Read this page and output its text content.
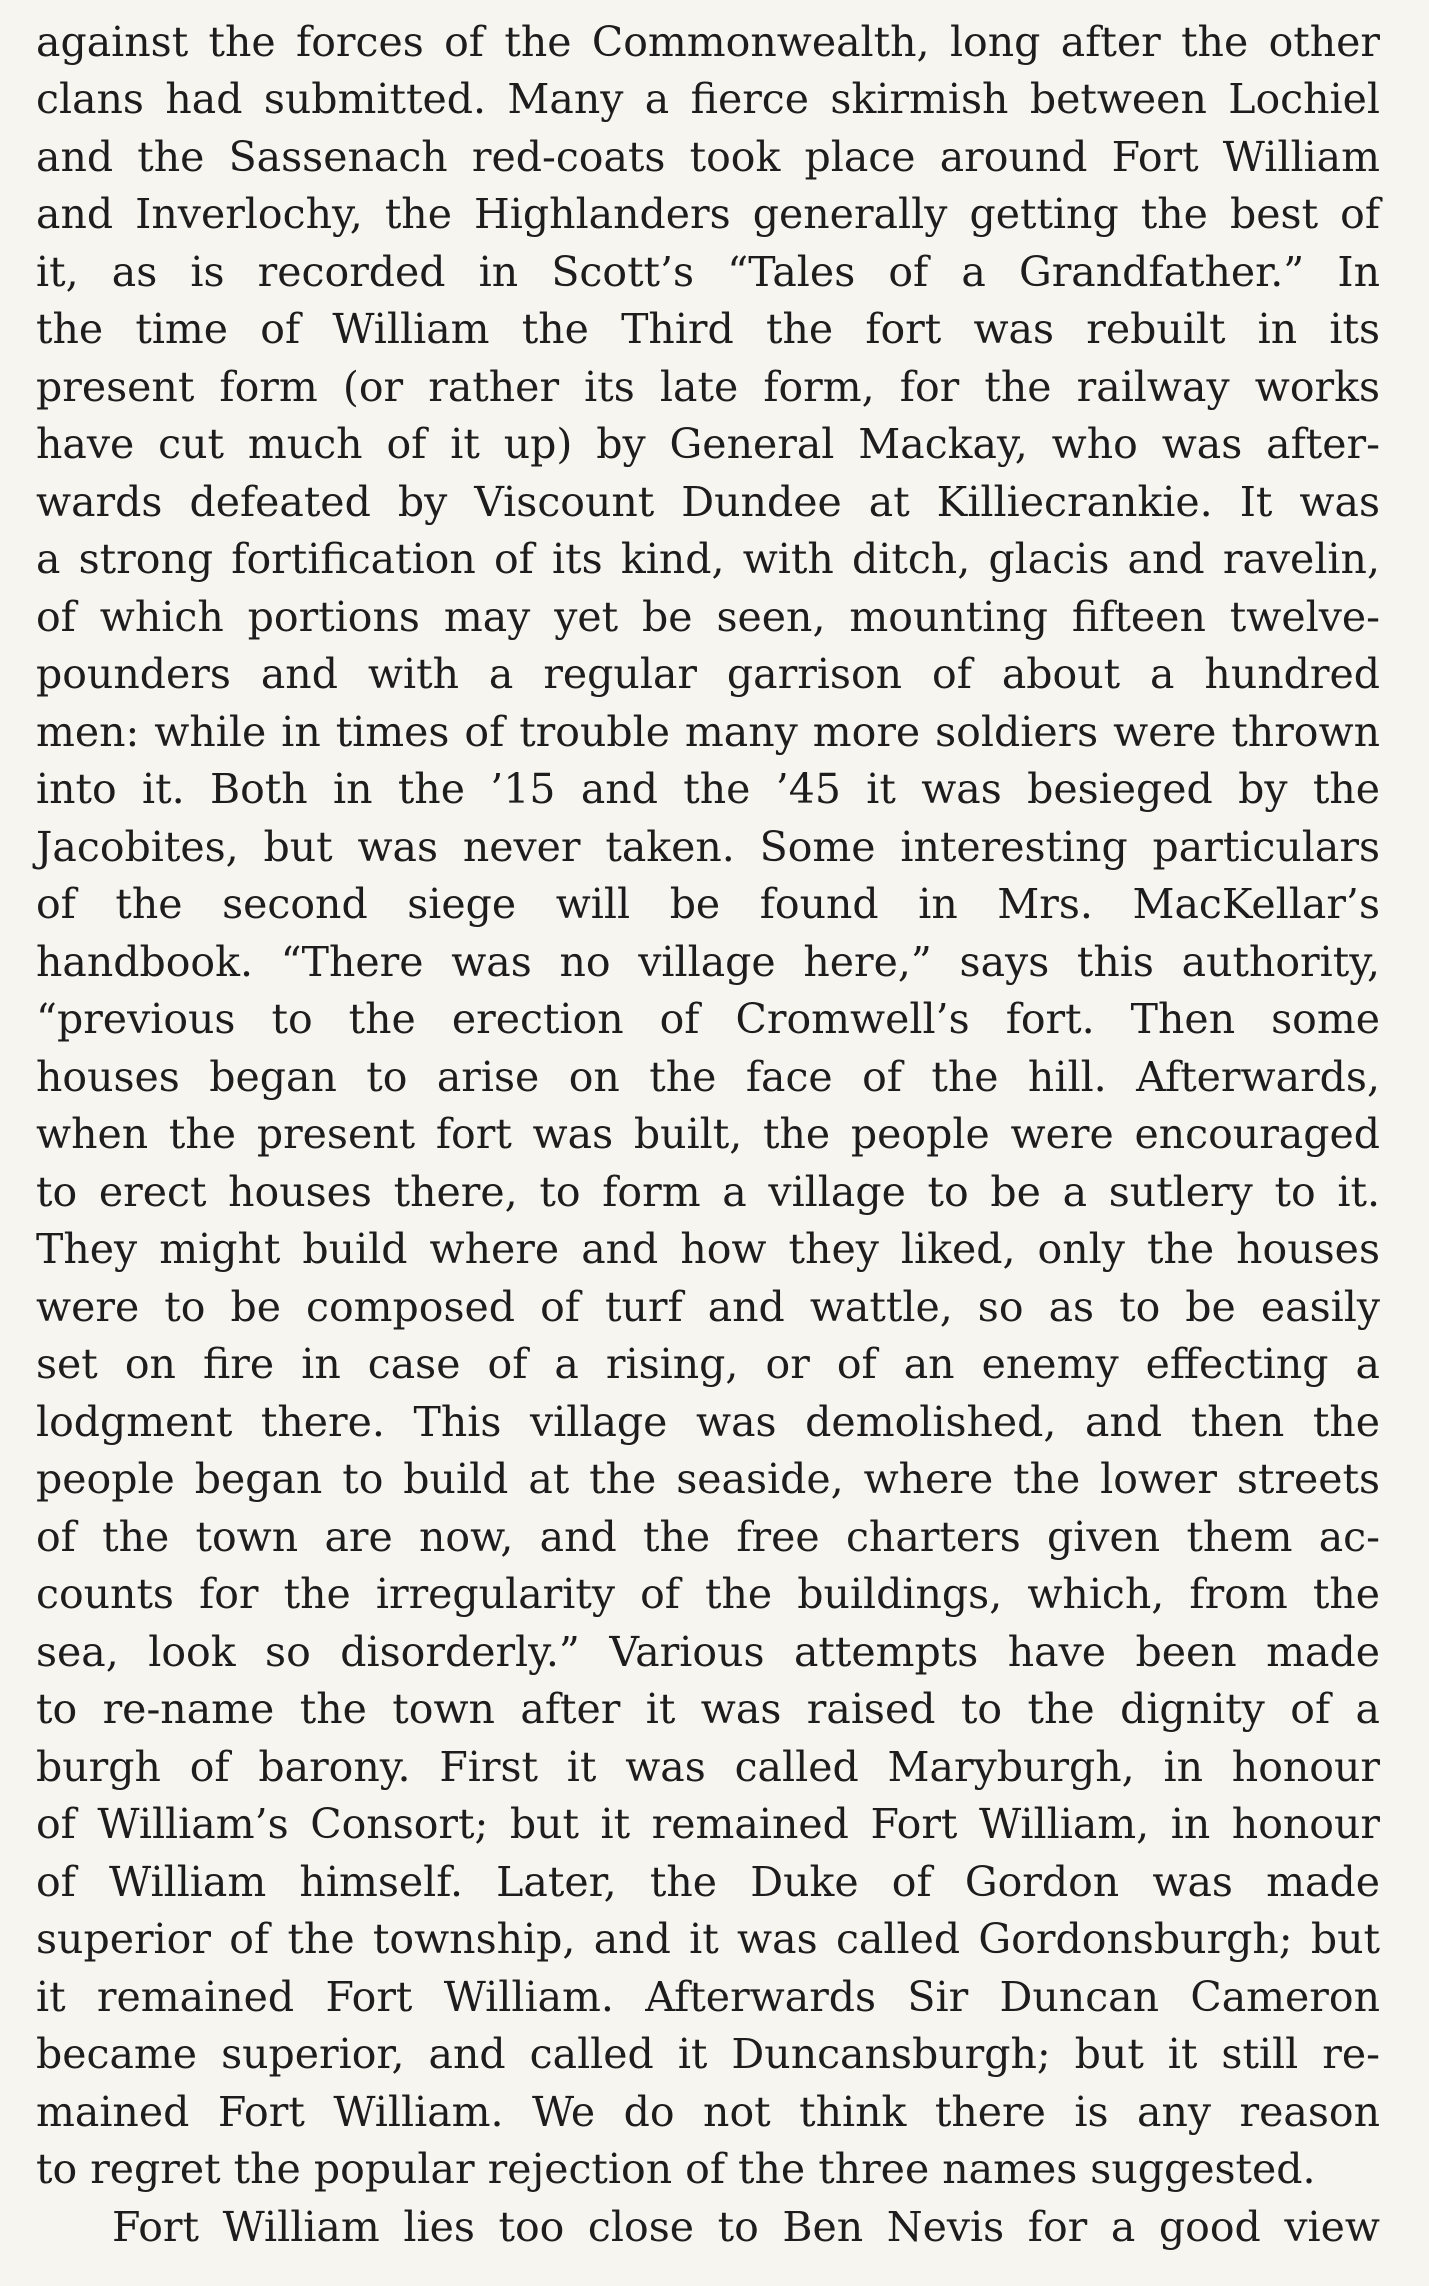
against the forces of the Commonwealth, long after the other
clans had submitted. Many a fierce skirmish between Lochiel
and the Sassenach red-coats took place around Fort William
and Inverlochy, the Highlanders generally getting the best of
it, as is recorded in Scott’s “Tales of a Grandfather.” In
the time of William the Third the fort was rebuilt in its
present form (or rather its late form, for the railway works
have cut much of it up) by General Mackay, who was after-
wards defeated by Viscount Dundee at Killiecrankie. It was
a strong fortification of its kind, with ditch, glacis and ravelin,
of which portions may yet be seen, mounting fifteen twelve-
pounders and with a regular garrison of about a hundred
men: while in times of trouble many more soldiers were thrown
into it. Both in the ’15 and the ’45 it was besieged by the
Jacobites, but was never taken. Some interesting particulars
of the second siege will be found in Mrs. MacKellar’s
handbook. “There was no village here,” says this authority,
“previous to the erection of Cromwell’s fort. Then some
houses began to arise on the face of the hill. Afterwards,
when the present fort was built, the people were encouraged
to erect houses there, to form a village to be a sutlery to it.
They might build where and how they liked, only the houses
were to be composed of turf and wattle, so as to be easily
set on fire in case of a rising, or of an enemy effecting a
lodgment there. This village was demolished, and then the
people began to build at the seaside, where the lower streets
of the town are now, and the free charters given them ac-
counts for the irregularity of the buildings, which, from the
sea, look so disorderly.” Various attempts have been made
to re-name the town after it was raised to the dignity of a
burgh of barony. First it was called Maryburgh, in honour
of William’s Consort; but it remained Fort William, in honour
of William himself. Later, the Duke of Gordon was made
superior of the township, and it was called Gordonsburgh; but
it remained Fort William. Afterwards Sir Duncan Cameron
became superior, and called it Duncansburgh; but it still re-
mained Fort William. We do not think there is any reason
to regret the popular rejection of the three names suggested.
Fort William lies too close to Ben Nevis for a good view
